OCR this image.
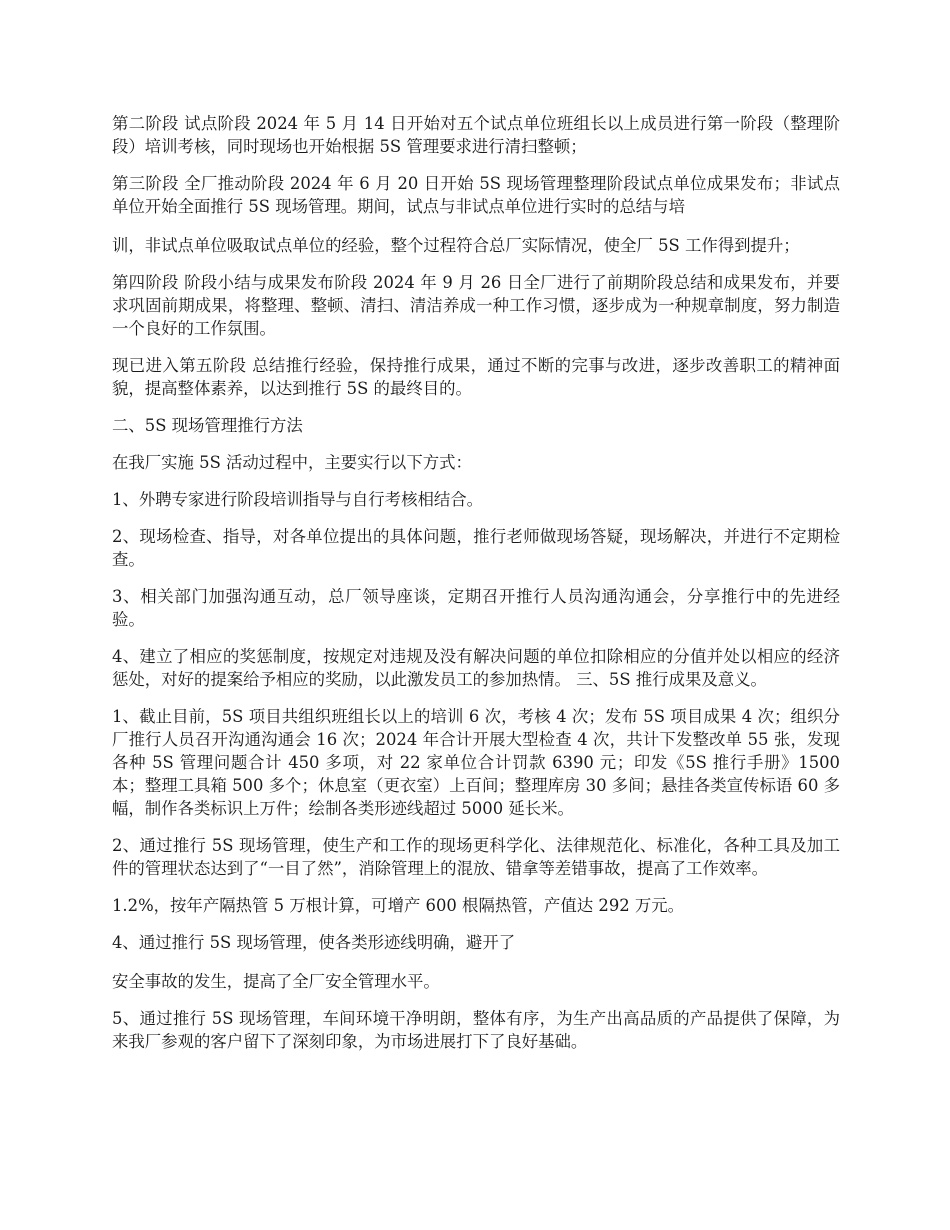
第二阶段 试点阶段 2024 年 5 月 14 日开始对五个试点单位班组长以上成员进行第一阶段（整理阶段）培训考核，同时现场也开始根据 5S 管理要求进行清扫整顿；

第三阶段 全厂推动阶段 2024 年 6 月 20 日开始 5S 现场管理整理阶段试点单位成果发布；非试点单位开始全面推行 5S 现场管理。期间，试点与非试点单位进行实时的总结与培

训，非试点单位吸取试点单位的经验，整个过程符合总厂实际情况，使全厂 5S 工作得到提升；

第四阶段 阶段小结与成果发布阶段 2024 年 9 月 26 日全厂进行了前期阶段总结和成果发布，并要求巩固前期成果，将整理、整顿、清扫、清洁养成一种工作习惯，逐步成为一种规章制度，努力制造一个良好的工作氛围。

现已进入第五阶段 总结推行经验，保持推行成果，通过不断的完事与改进，逐步改善职工的精神面貌，提高整体素养，以达到推行 5S 的最终目的。

二、5S 现场管理推行方法

在我厂实施 5S 活动过程中，主要实行以下方式：

1、外聘专家进行阶段培训指导与自行考核相结合。

2、现场检查、指导，对各单位提出的具体问题，推行老师做现场答疑，现场解决，并进行不定期检查。

3、相关部门加强沟通互动，总厂领导座谈，定期召开推行人员沟通沟通会，分享推行中的先进经验。

4、建立了相应的奖惩制度，按规定对违规及没有解决问题的单位扣除相应的分值并处以相应的经济惩处，对好的提案给予相应的奖励，以此激发员工的参加热情。 三、5S 推行成果及意义。

1、截止目前，5S 项目共组织班组长以上的培训 6 次，考核 4 次；发布 5S 项目成果 4 次；组织分厂推行人员召开沟通沟通会 16 次；2024 年合计开展大型检查 4 次，共计下发整改单 55 张，发现各种 5S 管理问题合计 450 多项，对 22 家单位合计罚款 6390 元；印发《5S 推行手册》1500 本；整理工具箱 500 多个；休息室（更衣室）上百间；整理库房 30 多间；悬挂各类宣传标语 60 多幅，制作各类标识上万件；绘制各类形迹线超过 5000 延长米。

2、通过推行 5S 现场管理，使生产和工作的现场更科学化、法律规范化、标准化，各种工具及加工件的管理状态达到了“一目了然”，消除管理上的混放、错拿等差错事故，提高了工作效率。

1.2%，按年产隔热管 5 万根计算，可增产 600 根隔热管，产值达 292 万元。

4、通过推行 5S 现场管理，使各类形迹线明确，避开了

安全事故的发生，提高了全厂安全管理水平。

5、通过推行 5S 现场管理，车间环境干净明朗，整体有序，为生产出高品质的产品提供了保障，为来我厂参观的客户留下了深刻印象，为市场进展打下了良好基础。
